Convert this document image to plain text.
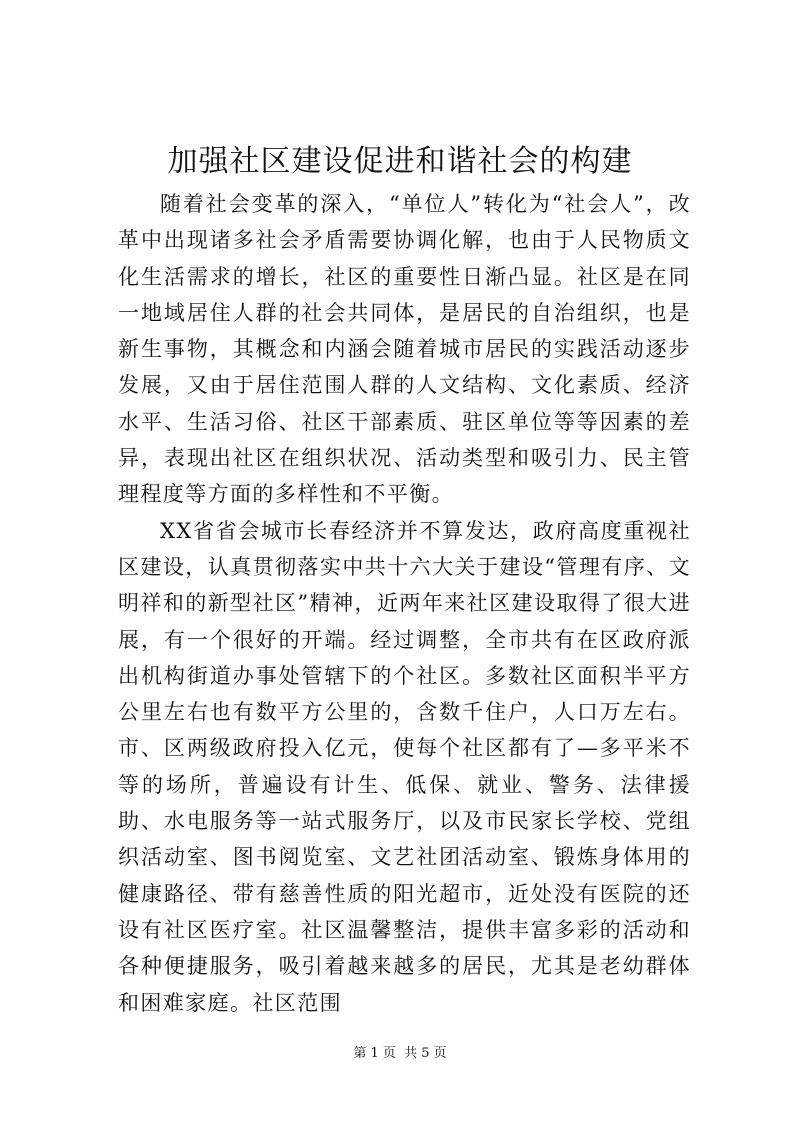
加强社区建设促进和谐社会的构建

随着社会变革的深入，“单位人”转化为“社会人”，改革中出现诸多社会矛盾需要协调化解，也由于人民物质文化生活需求的增长，社区的重要性日渐凸显。社区是在同一地域居住人群的社会共同体，是居民的自治组织，也是新生事物，其概念和内涵会随着城市居民的实践活动逐步发展，又由于居住范围人群的人文结构、文化素质、经济水平、生活习俗、社区干部素质、驻区单位等等因素的差异，表现出社区在组织状况、活动类型和吸引力、民主管理程度等方面的多样性和不平衡。

XX省省会城市长春经济并不算发达，政府高度重视社区建设，认真贯彻落实中共十六大关于建设“管理有序、文明祥和的新型社区”精神，近两年来社区建设取得了很大进展，有一个很好的开端。经过调整，全市共有在区政府派出机构街道办事处管辖下的个社区。多数社区面积半平方公里左右也有数平方公里的，含数千住户，人口万左右。市、区两级政府投入亿元，使每个社区都有了—多平米不等的场所，普遍设有计生、低保、就业、警务、法律援助、水电服务等一站式服务厅，以及市民家长学校、党组织活动室、图书阅览室、文艺社团活动室、锻炼身体用的健康路径、带有慈善性质的阳光超市，近处没有医院的还设有社区医疗室。社区温馨整洁，提供丰富多彩的活动和各种便捷服务，吸引着越来越多的居民，尤其是老幼群体和困难家庭。社区范围

第 1 页 共 5 页
